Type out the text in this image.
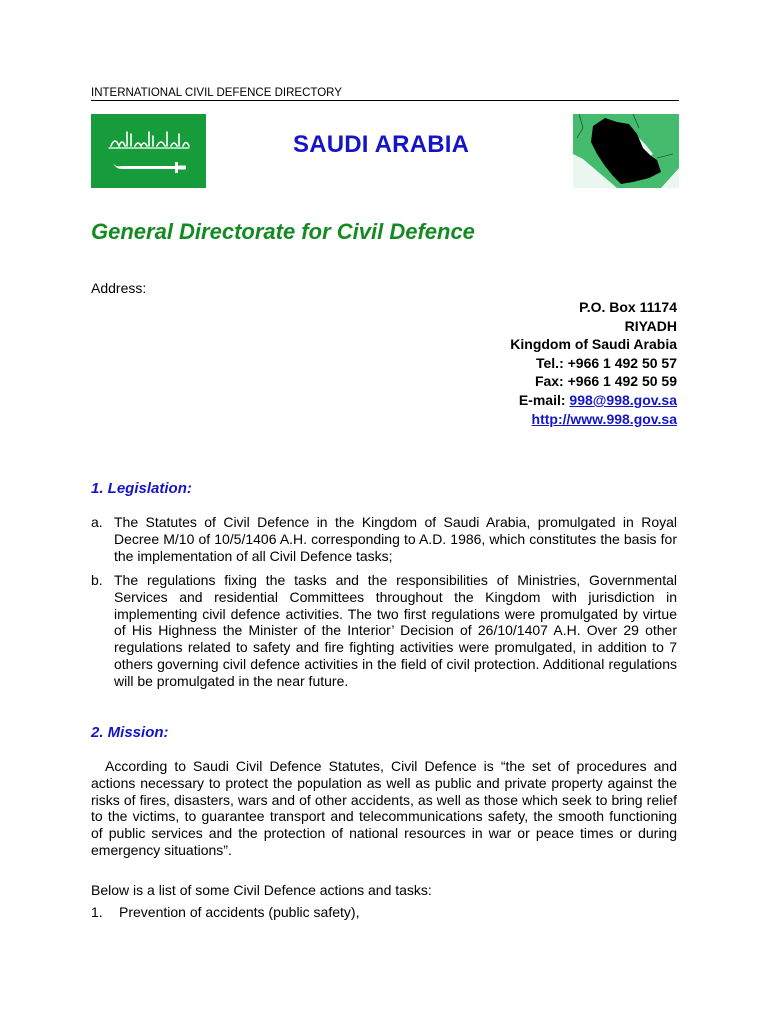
INTERNATIONAL CIVIL DEFENCE DIRECTORY
SAUDI ARABIA
General Directorate for Civil Defence
Address:
P.O. Box 11174
RIYADH
Kingdom of Saudi Arabia
Tel.: +966 1 492 50 57
Fax: +966 1 492 50 59
E-mail: 998@998.gov.sa
http://www.998.gov.sa
1. Legislation:
a. The Statutes of Civil Defence in the Kingdom of Saudi Arabia, promulgated in Royal Decree M/10 of 10/5/1406 A.H. corresponding to A.D. 1986, which constitutes the basis for the implementation of all Civil Defence tasks;
b. The regulations fixing the tasks and the responsibilities of Ministries, Governmental Services and residential Committees throughout the Kingdom with jurisdiction in implementing civil defence activities. The two first regulations were promulgated by virtue of His Highness the Minister of the Interior’ Decision of 26/10/1407 A.H. Over 29 other regulations related to safety and fire fighting activities were promulgated, in addition to 7 others governing civil defence activities in the field of civil protection. Additional regulations will be promulgated in the near future.
2. Mission:
According to Saudi Civil Defence Statutes, Civil Defence is “the set of procedures and actions necessary to protect the population as well as public and private property against the risks of fires, disasters, wars and of other accidents, as well as those which seek to bring relief to the victims, to guarantee transport and telecommunications safety, the smooth functioning of public services and the protection of national resources in war or peace times or during emergency situations”.
Below is a list of some Civil Defence actions and tasks:
1. Prevention of accidents (public safety),
